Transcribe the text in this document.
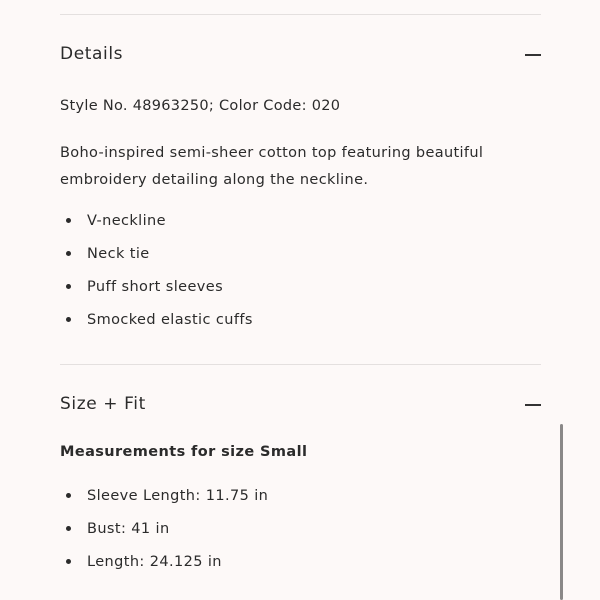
Details
Style No. 48963250; Color Code: 020
Boho-inspired semi-sheer cotton top featuring beautiful embroidery detailing along the neckline.
V-neckline
Neck tie
Puff short sleeves
Smocked elastic cuffs
Size + Fit
Measurements for size Small
Sleeve Length: 11.75 in
Bust: 41 in
Length: 24.125 in
